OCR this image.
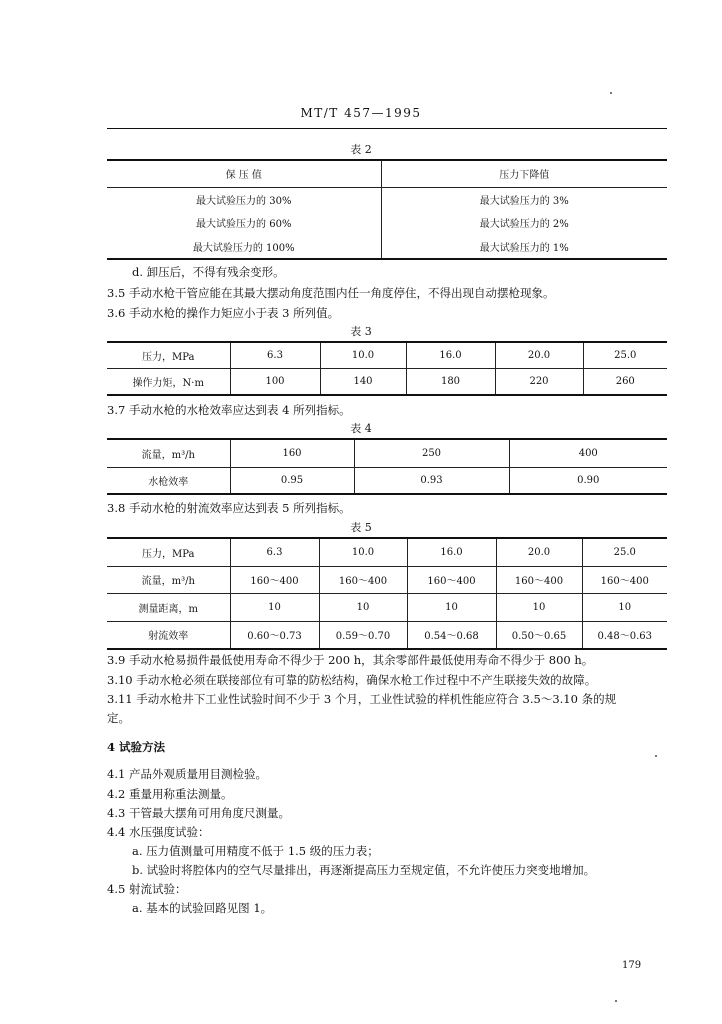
MT/T 457—1995
表 2
保 压 值	压力下降值
最大试验压力的 30%	最大试验压力的 3%
最大试验压力的 60%	最大试验压力的 2%
最大试验压力的 100%	最大试验压力的 1%
d. 卸压后，不得有残余变形。
3.5 手动水枪干管应能在其最大摆动角度范围内任一角度停住，不得出现自动摆枪现象。
3.6 手动水枪的操作力矩应小于表 3 所列值。
表 3
压力，MPa	6.3	10.0	16.0	20.0	25.0
操作力矩，N·m	100	140	180	220	260
3.7 手动水枪的水枪效率应达到表 4 所列指标。
表 4
流量，m³/h	160	250	400
水枪效率	0.95	0.93	0.90
3.8 手动水枪的射流效率应达到表 5 所列指标。
表 5
压力，MPa	6.3	10.0	16.0	20.0	25.0
流量，m³/h	160～400	160～400	160～400	160～400	160～400
测量距离，m	10	10	10	10	10
射流效率	0.60～0.73	0.59～0.70	0.54～0.68	0.50～0.65	0.48～0.63
3.9 手动水枪易损件最低使用寿命不得少于 200 h，其余零部件最低使用寿命不得少于 800 h。
3.10 手动水枪必须在联接部位有可靠的防松结构，确保水枪工作过程中不产生联接失效的故障。
3.11 手动水枪井下工业性试验时间不少于 3 个月，工业性试验的样机性能应符合 3.5～3.10 条的规
定。
4 试验方法
4.1 产品外观质量用目测检验。
4.2 重量用称重法测量。
4.3 干管最大摆角可用角度尺测量。
4.4 水压强度试验：
a. 压力值测量可用精度不低于 1.5 级的压力表；
b. 试验时将腔体内的空气尽量排出，再逐渐提高压力至规定值，不允许使压力突变地增加。
4.5 射流试验：
a. 基本的试验回路见图 1。
179
